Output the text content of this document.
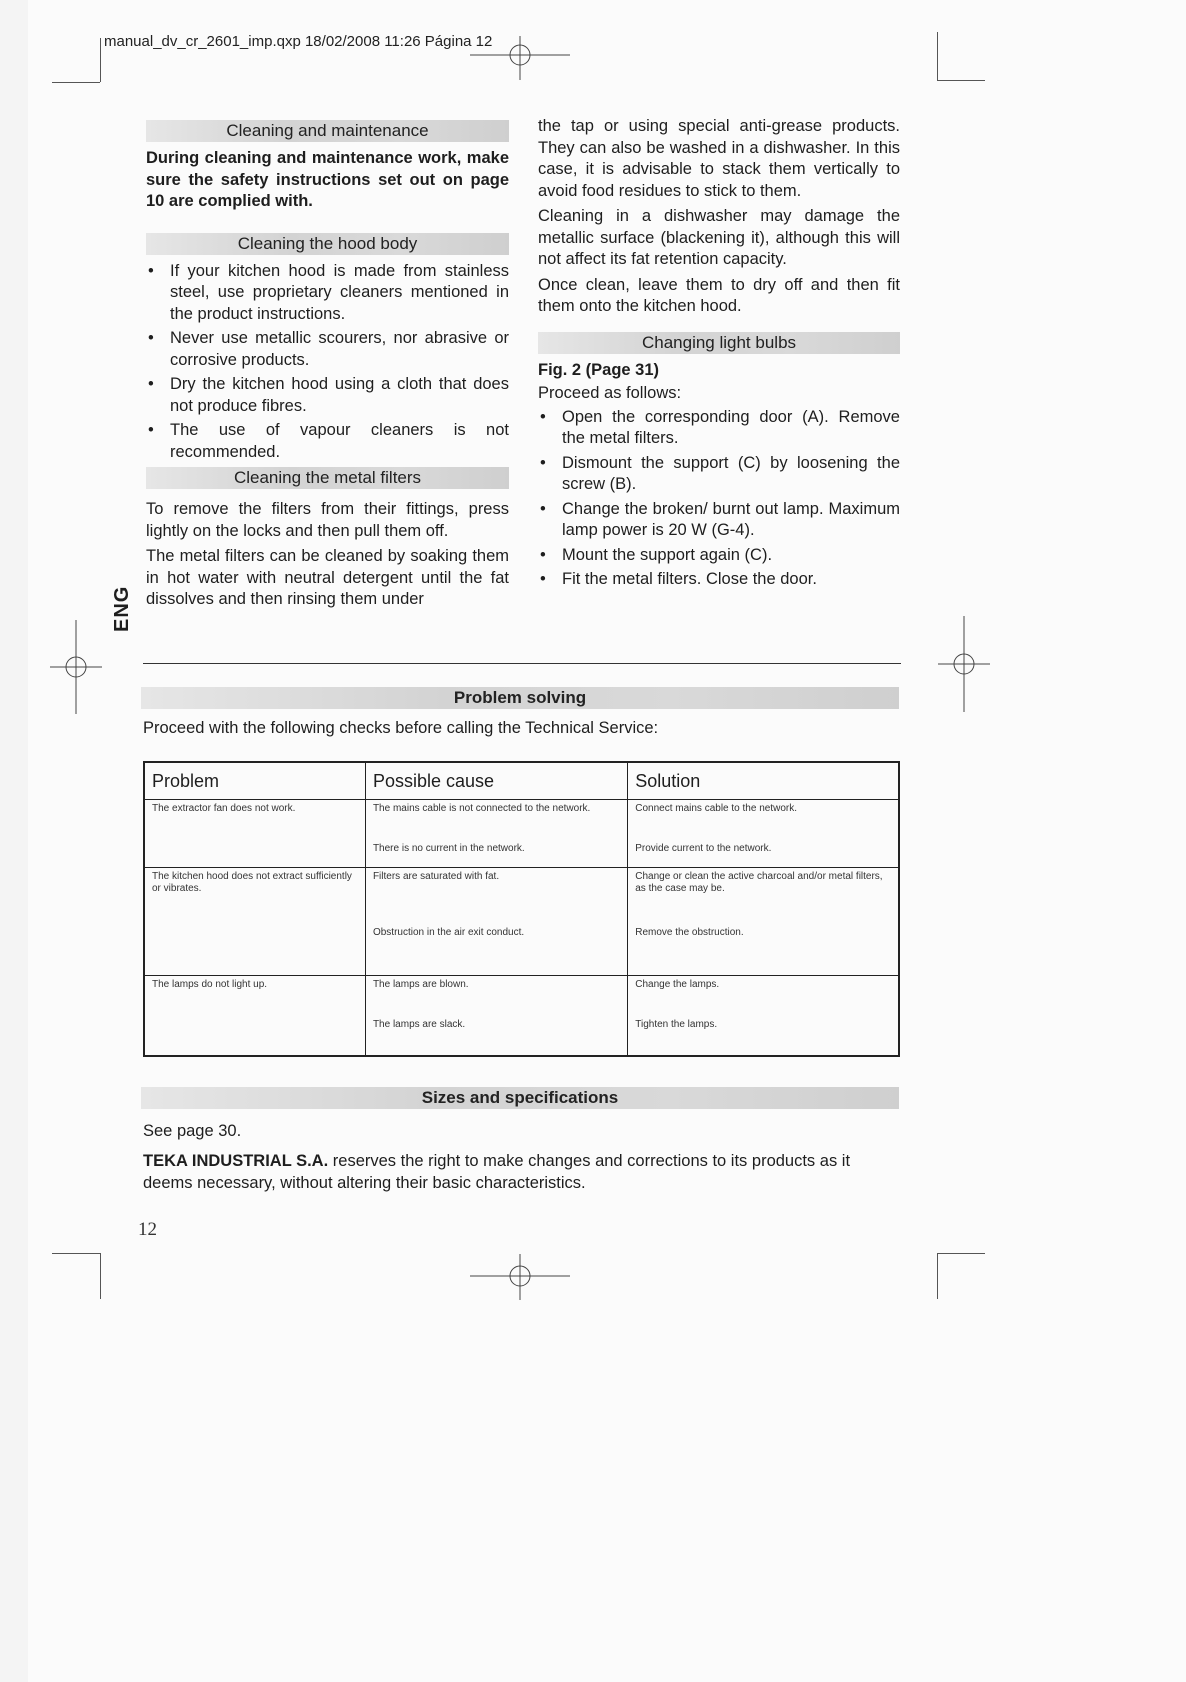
manual_dv_cr_2601_imp.qxp 18/02/2008 11:26 Página 12
Cleaning and maintenance

During cleaning and maintenance work, make sure the safety instructions set out on page 10 are complied with.

Cleaning the hood body
• If your kitchen hood is made from stainless steel, use proprietary cleaners mentioned in the product instructions.
• Never use metallic scourers, nor abrasive or corrosive products.
• Dry the kitchen hood using a cloth that does not produce fibres.
• The use of vapour cleaners is not recommended.
Cleaning the metal filters

To remove the filters from their fittings, press lightly on the locks and then pull them off.

The metal filters can be cleaned by soaking them in hot water with neutral detergent until the fat dissolves and then rinsing them under

the tap or using special anti-grease products. They can also be washed in a dishwasher. In this case, it is advisable to stack them vertically to avoid food residues to stick to them.

Cleaning in a dishwasher may damage the metallic surface (blackening it), although this will not affect its fat retention capacity.

Once clean, leave them to dry off and then fit them onto the kitchen hood.

Changing light bulbs

Fig. 2 (Page 31)

Proceed as follows:

• Open the corresponding door (A). Remove the metal filters.
• Dismount the support (C) by loosening the screw (B).
• Change the broken/ burnt out lamp. Maximum lamp power is 20 W (G-4).
• Mount the support again (C).
• Fit the metal filters. Close the door.
ENG
Problem solving
Proceed with the following checks before calling the Technical Service:
Problem	Possible cause	Solution
The extractor fan does not work.	The mains cable is not connected to the network.	Connect mains cable to the network.
	There is no current in the network.	Provide current to the network.
The kitchen hood does not extract sufficiently or vibrates.	Filters are saturated with fat.	Change or clean the active charcoal and/or metal filters, as the case may be.
	Obstruction in the air exit conduct.	Remove the obstruction.
The lamps do not light up.	The lamps are blown.	Change the lamps.
	The lamps are slack.	Tighten the lamps.
Sizes and specifications
See page 30.
TEKA INDUSTRIAL S.A. reserves the right to make changes and corrections to its products as it deems necessary, without altering their basic characteristics.
12
